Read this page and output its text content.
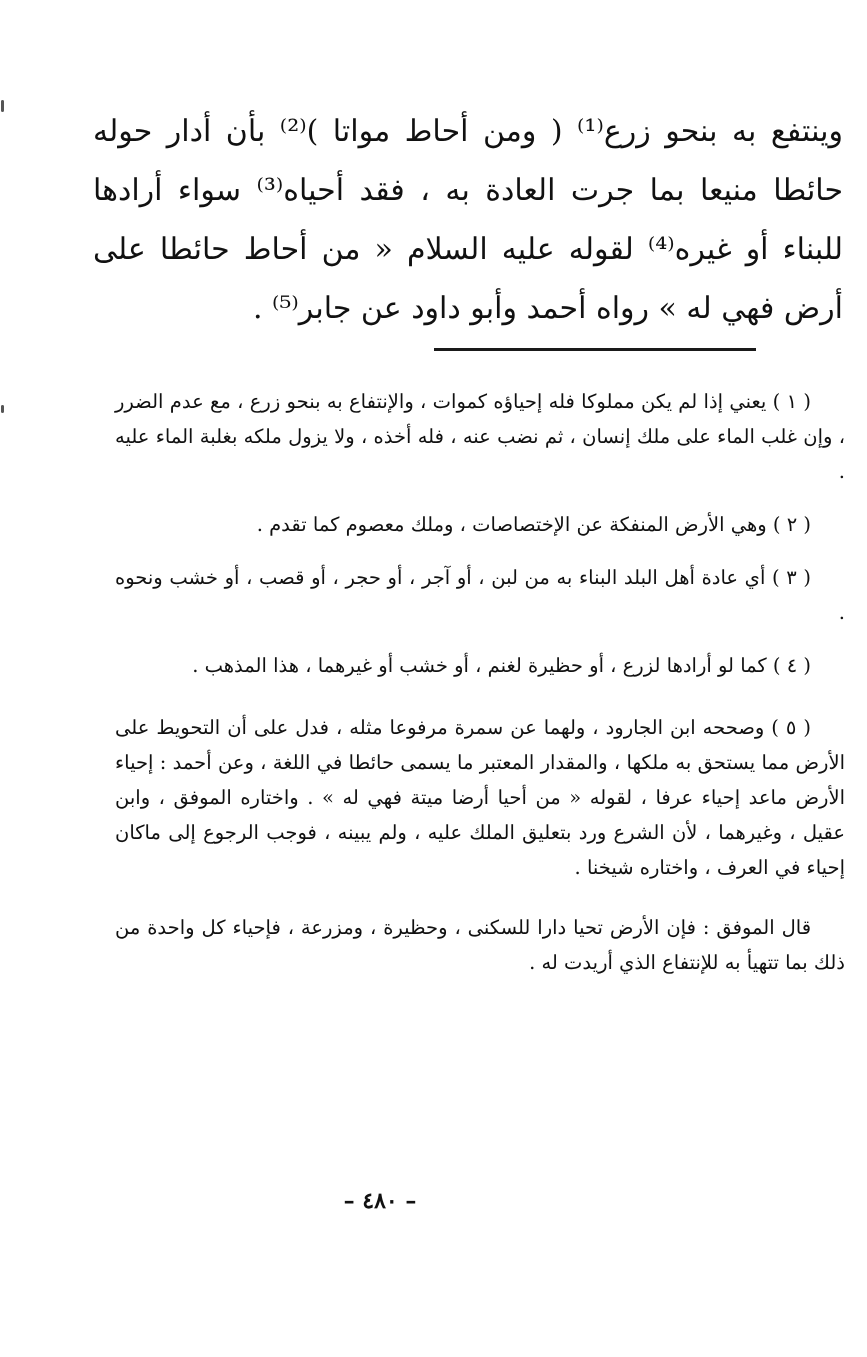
وينتفع به بنحو زرع⁽¹⁾ ( ومن أحاط مواتا )⁽²⁾ بأن أدار حوله حائطا منيعا بما جرت العادة به ، فقد أحياه⁽³⁾ سواء أرادها للبناء أو غيره⁽⁴⁾ لقوله عليه السلام « من أحاط حائطا على أرض فهي له » رواه أحمد وأبو داود عن جابر⁽⁵⁾ .

( ١ ) يعني إذا لم يكن مملوكا فله إحياؤه كموات ، والإنتفاع به بنحو زرع ، مع عدم الضرر ، وإن غلب الماء على ملك إنسان ، ثم نضب عنه ، فله أخذه ، ولا يزول ملكه بغلبة الماء عليه .
( ٢ ) وهي الأرض المنفكة عن الإختصاصات ، وملك معصوم كما تقدم .
( ٣ ) أي عادة أهل البلد البناء به من لبن ، أو آجر ، أو حجر ، أو قصب ، أو خشب ونحوه .
( ٤ ) كما لو أرادها لزرع ، أو حظيرة لغنم ، أو خشب أو غيرهما ، هذا المذهب .
( ٥ ) وصححه ابن الجارود ، ولهما عن سمرة مرفوعا مثله ، فدل على أن التحويط على الأرض مما يستحق به ملكها ، والمقدار المعتبر ما يسمى حائطا في اللغة ، وعن أحمد : إحياء الأرض ماعد إحياء عرفا ، لقوله « من أحيا أرضا ميتة فهي له » . واختاره الموفق ، وابن عقيل ، وغيرهما ، لأن الشرع ورد بتعليق الملك عليه ، ولم يبينه ، فوجب الرجوع إلى ماكان إحياء في العرف ، واختاره شيخنا .
قال الموفق : فإن الأرض تحيا دارا للسكنى ، وحظيرة ، ومزرعة ، فإحياء كل واحدة من ذلك بما تتهيأ به للإنتفاع الذي أريدت له .
– ٤٨٠ –
